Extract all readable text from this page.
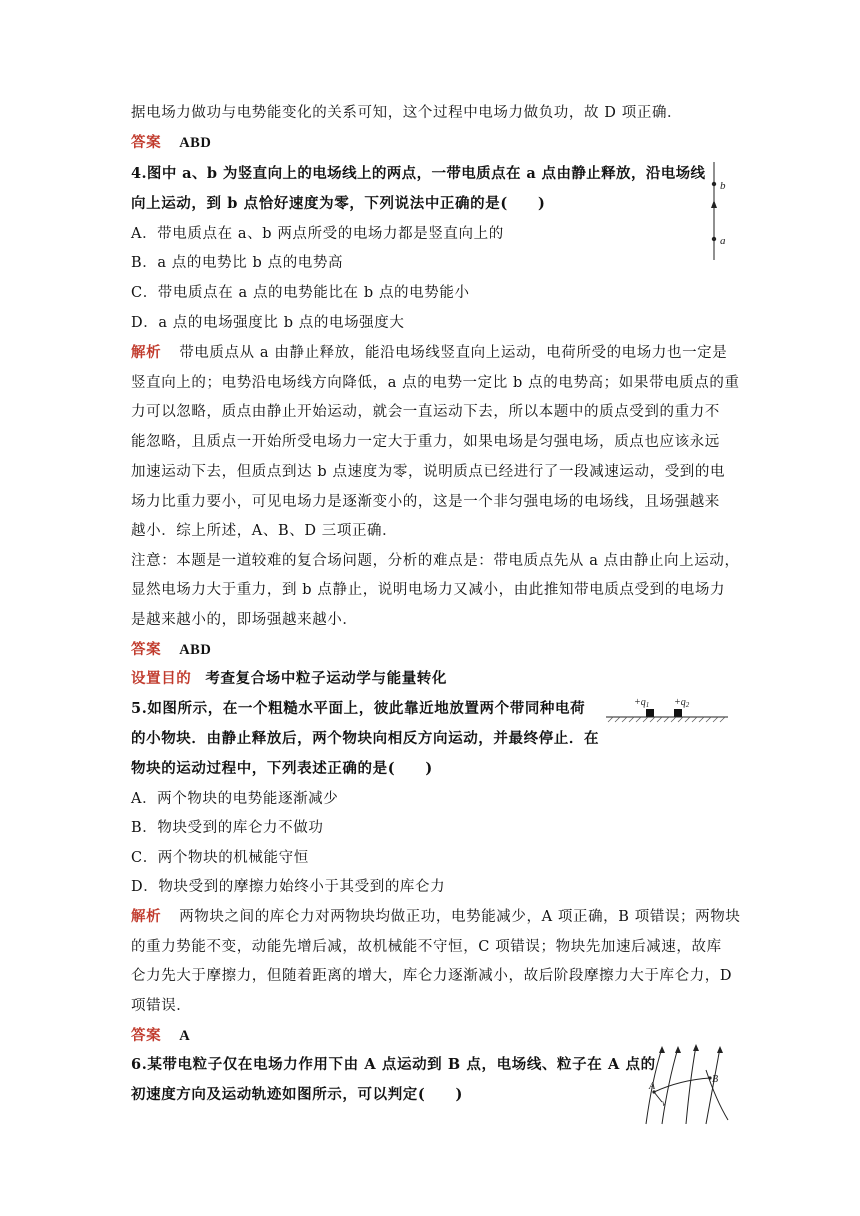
据电场力做功与电势能变化的关系可知，这个过程中电场力做负功，故 D 项正确．
答案 ABD
4.图中 a、b 为竖直向上的电场线上的两点，一带电质点在 a 点由静止释放，沿电场线
向上运动，到 b 点恰好速度为零，下列说法中正确的是(　　)
A．带电质点在 a、b 两点所受的电场力都是竖直向上的
B．a 点的电势比 b 点的电势高
C．带电质点在 a 点的电势能比在 b 点的电势能小
D．a 点的电场强度比 b 点的电场强度大
解析 带电质点从 a 由静止释放，能沿电场线竖直向上运动，电荷所受的电场力也一定是
竖直向上的；电势沿电场线方向降低，a 点的电势一定比 b 点的电势高；如果带电质点的重
力可以忽略，质点由静止开始运动，就会一直运动下去，所以本题中的质点受到的重力不
能忽略，且质点一开始所受电场力一定大于重力，如果电场是匀强电场，质点也应该永远
加速运动下去，但质点到达 b 点速度为零，说明质点已经进行了一段减速运动，受到的电
场力比重力要小，可见电场力是逐渐变小的，这是一个非匀强电场的电场线，且场强越来
越小．综上所述，A、B、D 三项正确．
注意：本题是一道较难的复合场问题，分析的难点是：带电质点先从 a 点由静止向上运动，
显然电场力大于重力，到 b 点静止，说明电场力又减小，由此推知带电质点受到的电场力
是越来越小的，即场强越来越小．
答案 ABD
设置目的 考查复合场中粒子运动学与能量转化
5.如图所示，在一个粗糙水平面上，彼此靠近地放置两个带同种电荷
的小物块．由静止释放后，两个物块向相反方向运动，并最终停止．在
物块的运动过程中，下列表述正确的是(　　)
A．两个物块的电势能逐渐减少
B．物块受到的库仑力不做功
C．两个物块的机械能守恒
D．物块受到的摩擦力始终小于其受到的库仑力
解析 两物块之间的库仑力对两物块均做正功，电势能减少，A 项正确，B 项错误；两物块
的重力势能不变，动能先增后减，故机械能不守恒，C 项错误；物块先加速后减速，故库
仑力先大于摩擦力，但随着距离的增大，库仑力逐渐减小，故后阶段摩擦力大于库仑力，D
项错误．
答案 A
6.某带电粒子仅在电场力作用下由 A 点运动到 B 点，电场线、粒子在 A 点的
初速度方向及运动轨迹如图所示，可以判定(　　)
b
a
$+q_1 +q_2$
A
B
v
